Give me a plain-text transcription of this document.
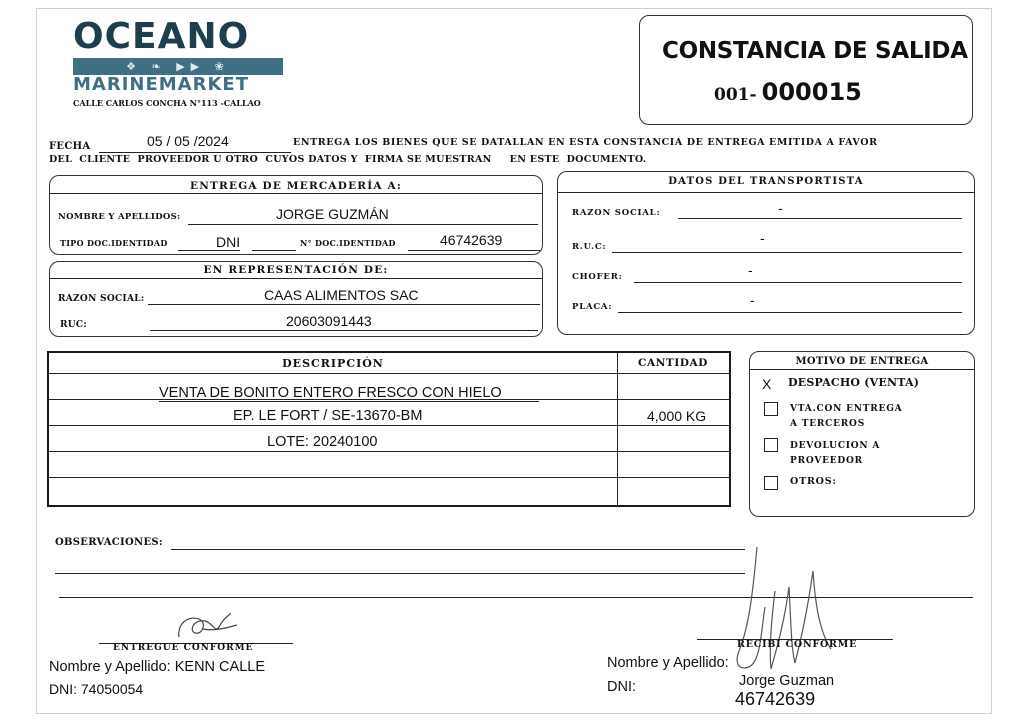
OCEANO
❖ ❧ ▶▶ ❀
MARINEMARKET
CALLE CARLOS CONCHA N°113 -CALLAO
CONSTANCIA DE SALIDA
001- 000015
FECHA	05 / 05 /2024	ENTREGA LOS BIENES QUE SE DATALLAN EN ESTA CONSTANCIA DE ENTREGA EMITIDA A FAVOR
DEL  CLIENTE  PROVEEDOR U OTRO  CUYOS DATOS Y  FIRMA SE MUESTRAN     EN ESTE  DOCUMENTO.
ENTREGA DE MERCADERÍA A:
NOMBRE Y APELLIDOS:	JORGE GUZMÁN
TIPO DOC.IDENTIDAD	DNI	N° DOC.IDENTIDAD	46742639
EN REPRESENTACIÓN DE:
RAZON SOCIAL:	CAAS ALIMENTOS SAC
RUC:	20603091443
DATOS DEL TRANSPORTISTA
RAZON SOCIAL:	-
R.U.C:
-
CHOFER:	-
PLACA:	-
DESCRIPCIÓN	CANTIDAD
VENTA DE BONITO ENTERO FRESCO CON HIELO
EP. LE FORT / SE-13670-BM	4,000 KG
LOTE: 20240100
MOTIVO DE ENTREGA
X	DESPACHO (VENTA)
VTA.CON ENTREGA
A TERCEROS
DEVOLUCION A
PROVEEDOR
OTROS:
OBSERVACIONES:
ENTREGUE CONFORME
Nombre y Apellido: KENN CALLE
DNI: 74050054
RECIBI CONFORME
Nombre y Apellido:
Jorge Guzman
DNI:
46742639
